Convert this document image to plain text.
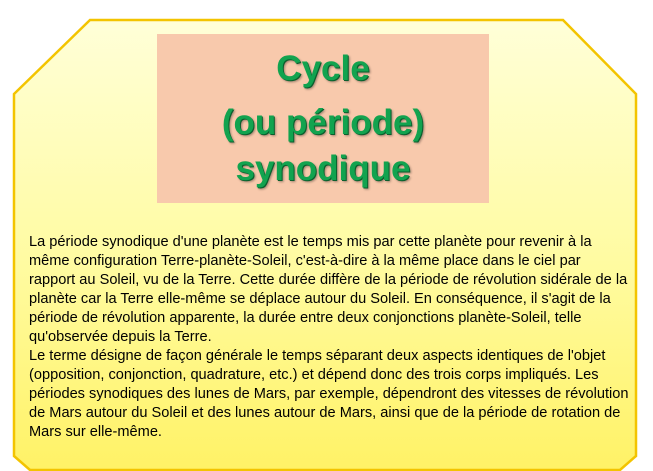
Cycle
(ou période)
synodique

La période synodique d'une planète est le temps mis par cette planète pour revenir à la même configuration Terre-planète-Soleil, c'est-à-dire à la même place dans le ciel par rapport au Soleil, vu de la Terre. Cette durée diffère de la période de révolution sidérale de la planète car la Terre elle-même se déplace autour du Soleil. En conséquence, il s'agit de la période de révolution apparente, la durée entre deux conjonctions planète-Soleil, telle qu'observée depuis la Terre.

Le terme désigne de façon générale le temps séparant deux aspects identiques de l'objet (opposition, conjonction, quadrature, etc.) et dépend donc des trois corps impliqués. Les périodes synodiques des lunes de Mars, par exemple, dépendront des vitesses de révolution de Mars autour du Soleil et des lunes autour de Mars, ainsi que de la période de rotation de Mars sur elle-même.
